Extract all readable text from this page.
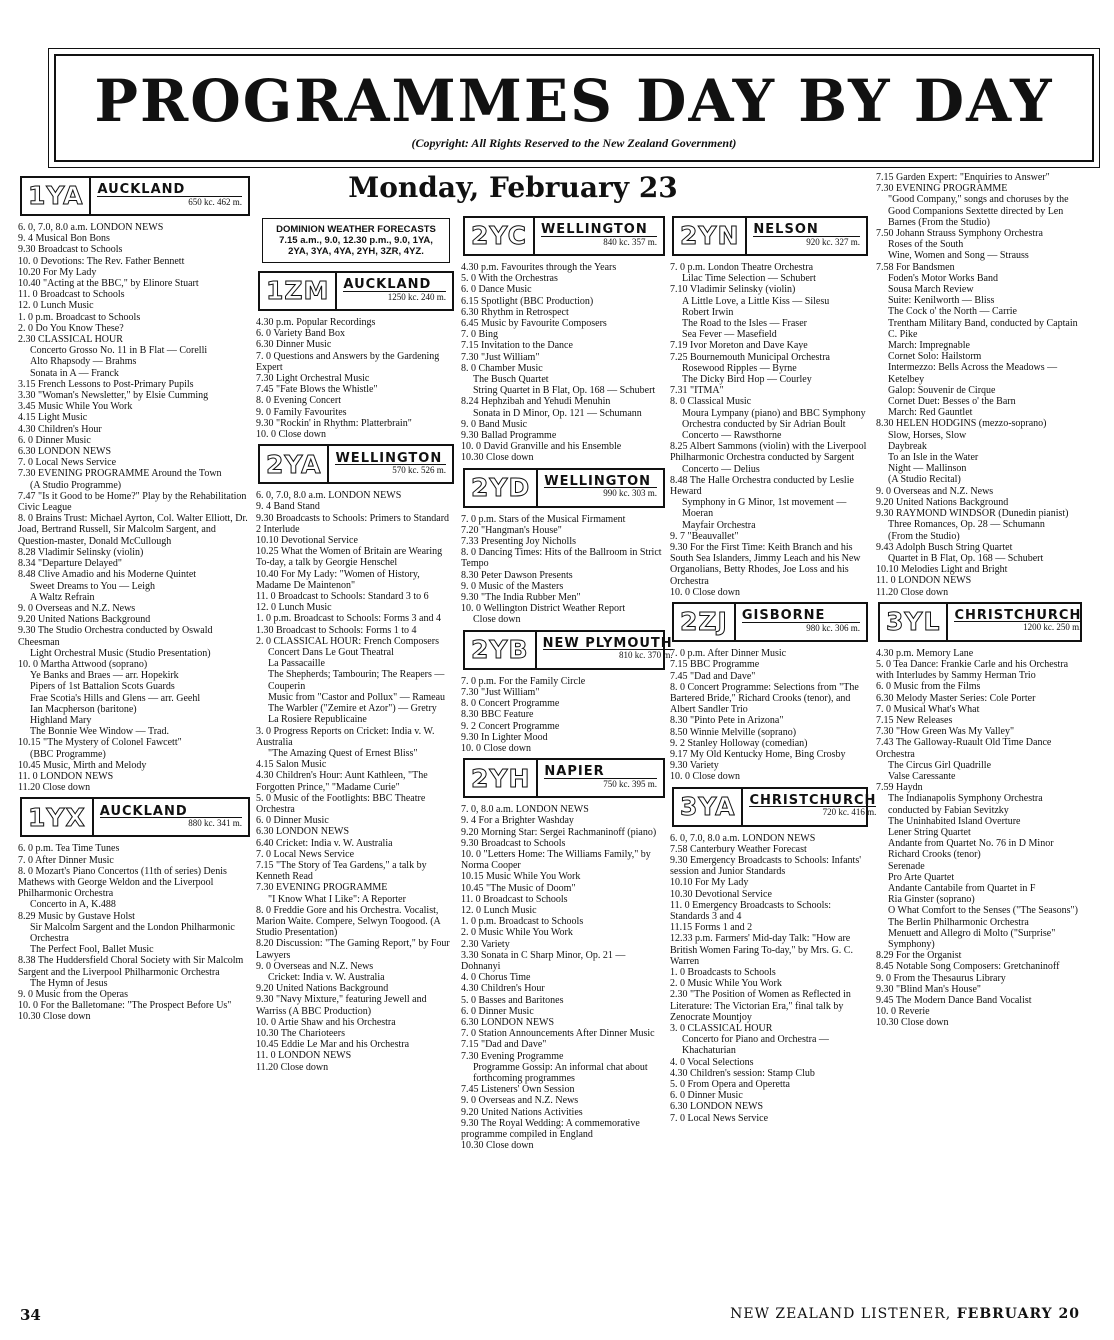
PROGRAMMES DAY BY DAY
(Copyright: All Rights Reserved to the New Zealand Government)
Monday, February 23
1YA	AUCKLAND
650 kc. 462 m.
6. 0, 7.0, 8.0 a.m. LONDON NEWS
9. 4 Musical Bon Bons
9.30 Broadcast to Schools
10. 0 Devotions: The Rev. Father Bennett
10.20 For My Lady
10.40 "Acting at the BBC," by Elinore Stuart
11. 0 Broadcast to Schools
12. 0 Lunch Music
1. 0 p.m. Broadcast to Schools
2. 0 Do You Know These?
2.30 CLASSICAL HOUR
Concerto Grosso No. 11 in B Flat — Corelli
Alto Rhapsody — Brahms
Sonata in A — Franck
3.15 French Lessons to Post-Primary Pupils
3.30 "Woman's Newsletter," by Elsie Cumming
3.45 Music While You Work
4.15 Light Music
4.30 Children's Hour
6. 0 Dinner Music
6.30 LONDON NEWS
7. 0 Local News Service
7.30 EVENING PROGRAMME Around the Town
(A Studio Programme)
7.47 "Is it Good to be Home?" Play by the Rehabilitation Civic League
8. 0 Brains Trust: Michael Ayrton, Col. Walter Elliott, Dr. Joad, Bertrand Russell, Sir Malcolm Sargent, and Question-master, Donald McCullough
8.28 Vladimir Selinsky (violin)
8.34 "Departure Delayed"
8.48 Clive Amadio and his Moderne Quintet
Sweet Dreams to You — Leigh
A Waltz Refrain
9. 0 Overseas and N.Z. News
9.20 United Nations Background
9.30 The Studio Orchestra conducted by Oswald Cheesman
Light Orchestral Music (Studio Presentation)
10. 0 Martha Attwood (soprano)
Ye Banks and Braes — arr. Hopekirk
Pipers of 1st Battalion Scots Guards
Frae Scotia's Hills and Glens — arr. Geehl
Ian Macpherson (baritone)
Highland Mary
The Bonnie Wee Window — Trad.
10.15 "The Mystery of Colonel Fawcett"
(BBC Programme)
10.45 Music, Mirth and Melody
11. 0 LONDON NEWS
11.20 Close down
1YX	AUCKLAND
880 kc. 341 m.
6. 0 p.m. Tea Time Tunes
7. 0 After Dinner Music
8. 0 Mozart's Piano Concertos (11th of series) Denis Mathews with George Weldon and the Liverpool Philharmonic Orchestra
Concerto in A, K.488
8.29 Music by Gustave Holst
Sir Malcolm Sargent and the London Philharmonic Orchestra
The Perfect Fool, Ballet Music
8.38 The Huddersfield Choral Society with Sir Malcolm Sargent and the Liverpool Philharmonic Orchestra
The Hymn of Jesus
9. 0 Music from the Operas
10. 0 For the Balletomane: "The Prospect Before Us"
10.30 Close down
DOMINION WEATHER FORECASTS
7.15 a.m., 9.0, 12.30 p.m., 9.0, 1YA, 2YA, 3YA, 4YA, 2YH, 3ZR, 4YZ.
1ZM	AUCKLAND
1250 kc. 240 m.
4.30 p.m. Popular Recordings
6. 0 Variety Band Box
6.30 Dinner Music
7. 0 Questions and Answers by the Gardening Expert
7.30 Light Orchestral Music
7.45 "Fate Blows the Whistle"
8. 0 Evening Concert
9. 0 Family Favourites
9.30 "Rockin' in Rhythm: Platterbrain"
10. 0 Close down
2YA	WELLINGTON
570 kc. 526 m.
6. 0, 7.0, 8.0 a.m. LONDON NEWS
9. 4 Band Stand
9.30 Broadcasts to Schools: Primers to Standard 2 Interlude
10.10 Devotional Service
10.25 What the Women of Britain are Wearing To-day, a talk by Georgie Henschel
10.40 For My Lady: "Women of History, Madame De Maintenon"
11. 0 Broadcast to Schools: Standard 3 to 6
12. 0 Lunch Music
1. 0 p.m. Broadcast to Schools: Forms 3 and 4
1.30 Broadcast to Schools: Forms 1 to 4
2. 0 CLASSICAL HOUR: French Composers
Concert Dans Le Gout Theatral
La Passacaille
The Shepherds; Tambourin; The Reapers — Couperin
Music from "Castor and Pollux" — Rameau
The Warbler ("Zemire et Azor") — Gretry
La Rosiere Republicaine
3. 0 Progress Reports on Cricket: India v. W. Australia
"The Amazing Quest of Ernest Bliss"
4.15 Salon Music
4.30 Children's Hour: Aunt Kathleen, "The Forgotten Prince," "Madame Curie"
5. 0 Music of the Footlights: BBC Theatre Orchestra
6. 0 Dinner Music
6.30 LONDON NEWS
6.40 Cricket: India v. W. Australia
7. 0 Local News Service
7.15 "The Story of Tea Gardens," a talk by Kenneth Read
7.30 EVENING PROGRAMME
"I Know What I Like": A Reporter
8. 0 Freddie Gore and his Orchestra. Vocalist, Marion Waite. Compere, Selwyn Toogood. (A Studio Presentation)
8.20 Discussion: "The Gaming Report," by Four Lawyers
9. 0 Overseas and N.Z. News
Cricket: India v. W. Australia
9.20 United Nations Background
9.30 "Navy Mixture," featuring Jewell and Warriss (A BBC Production)
10. 0 Artie Shaw and his Orchestra
10.30 The Charioteers
10.45 Eddie Le Mar and his Orchestra
11. 0 LONDON NEWS
11.20 Close down
2YC	WELLINGTON
840 kc. 357 m.
4.30 p.m. Favourites through the Years
5. 0 With the Orchestras
6. 0 Dance Music
6.15 Spotlight (BBC Production)
6.30 Rhythm in Retrospect
6.45 Music by Favourite Composers
7. 0 Bing
7.15 Invitation to the Dance
7.30 "Just William"
8. 0 Chamber Music
The Busch Quartet
String Quartet in B Flat, Op. 168 — Schubert
8.24 Hephzibah and Yehudi Menuhin
Sonata in D Minor, Op. 121 — Schumann
9. 0 Band Music
9.30 Ballad Programme
10. 0 David Granville and his Ensemble
10.30 Close down
2YD	WELLINGTON
990 kc. 303 m.
7. 0 p.m. Stars of the Musical Firmament
7.20 "Hangman's House"
7.33 Presenting Joy Nicholls
8. 0 Dancing Times: Hits of the Ballroom in Strict Tempo
8.30 Peter Dawson Presents
9. 0 Music of the Masters
9.30 "The India Rubber Men"
10. 0 Wellington District Weather Report
Close down
2YB	NEW PLYMOUTH
810 kc. 370 m.
7. 0 p.m. For the Family Circle
7.30 "Just William"
8. 0 Concert Programme
8.30 BBC Feature
9. 2 Concert Programme
9.30 In Lighter Mood
10. 0 Close down
2YH	NAPIER
750 kc. 395 m.
7. 0, 8.0 a.m. LONDON NEWS
9. 4 For a Brighter Washday
9.20 Morning Star: Sergei Rachmaninoff (piano)
9.30 Broadcast to Schools
10. 0 "Letters Home: The Williams Family," by Norma Cooper
10.15 Music While You Work
10.45 "The Music of Doom"
11. 0 Broadcast to Schools
12. 0 Lunch Music
1. 0 p.m. Broadcast to Schools
2. 0 Music While You Work
2.30 Variety
3.30 Sonata in C Sharp Minor, Op. 21 — Dohnanyi
4. 0 Chorus Time
4.30 Children's Hour
5. 0 Basses and Baritones
6. 0 Dinner Music
6.30 LONDON NEWS
7. 0 Station Announcements After Dinner Music
7.15 "Dad and Dave"
7.30 Evening Programme
Programme Gossip: An informal chat about forthcoming programmes
7.45 Listeners' Own Session
9. 0 Overseas and N.Z. News
9.20 United Nations Activities
9.30 The Royal Wedding: A commemorative programme compiled in England
10.30 Close down
2YN	NELSON
920 kc. 327 m.
7. 0 p.m. London Theatre Orchestra
Lilac Time Selection — Schubert
7.10 Vladimir Selinsky (violin)
A Little Love, a Little Kiss — Silesu
Robert Irwin
The Road to the Isles — Fraser
Sea Fever — Masefield
7.19 Ivor Moreton and Dave Kaye
7.25 Bournemouth Municipal Orchestra
Rosewood Ripples — Byrne
The Dicky Bird Hop — Courley
7.31 "ITMA"
8. 0 Classical Music
Moura Lympany (piano) and BBC Symphony Orchestra conducted by Sir Adrian Boult
Concerto — Rawsthorne
8.25 Albert Sammons (violin) with the Liverpool Philharmonic Orchestra conducted by Sargent
Concerto — Delius
8.48 The Halle Orchestra conducted by Leslie Heward
Symphony in G Minor, 1st movement — Moeran
Mayfair Orchestra
9. 7 "Beauvallet"
9.30 For the First Time: Keith Branch and his South Sea Islanders, Jimmy Leach and his New Organolians, Betty Rhodes, Joe Loss and his Orchestra
10. 0 Close down
2ZJ	GISBORNE
980 kc. 306 m.
7. 0 p.m. After Dinner Music
7.15 BBC Programme
7.45 "Dad and Dave"
8. 0 Concert Programme: Selections from "The Bartered Bride," Richard Crooks (tenor), and Albert Sandler Trio
8.30 "Pinto Pete in Arizona"
8.50 Winnie Melville (soprano)
9. 2 Stanley Holloway (comedian)
9.17 My Old Kentucky Home, Bing Crosby
9.30 Variety
10. 0 Close down
3YA	CHRISTCHURCH
720 kc. 416 m.
6. 0, 7.0, 8.0 a.m. LONDON NEWS
7.58 Canterbury Weather Forecast
9.30 Emergency Broadcasts to Schools: Infants' session and Junior Standards
10.10 For My Lady
10.30 Devotional Service
11. 0 Emergency Broadcasts to Schools: Standards 3 and 4
11.15 Forms 1 and 2
12.33 p.m. Farmers' Mid-day Talk: "How are British Women Faring To-day," by Mrs. G. C. Warren
1. 0 Broadcasts to Schools
2. 0 Music While You Work
2.30 "The Position of Women as Reflected in Literature: The Victorian Era," final talk by Zenocrate Mountjoy
3. 0 CLASSICAL HOUR
Concerto for Piano and Orchestra — Khachaturian
4. 0 Vocal Selections
4.30 Children's session: Stamp Club
5. 0 From Opera and Operetta
6. 0 Dinner Music
6.30 LONDON NEWS
7. 0 Local News Service
7.15 Garden Expert: "Enquiries to Answer"
7.30 EVENING PROGRAMME
"Good Company," songs and choruses by the Good Companions Sextette directed by Len Barnes (From the Studio)
7.50 Johann Strauss Symphony Orchestra
Roses of the South
Wine, Women and Song — Strauss
7.58 For Bandsmen
Foden's Motor Works Band
Sousa March Review
Suite: Kenilworth — Bliss
The Cock o' the North — Carrie
Trentham Military Band, conducted by Captain C. Pike
March: Impregnable
Cornet Solo: Hailstorm
Intermezzo: Bells Across the Meadows — Ketelbey
Galop: Souvenir de Cirque
Cornet Duet: Besses o' the Barn
March: Red Gauntlet
8.30 HELEN HODGINS (mezzo-soprano)
Slow, Horses, Slow
Daybreak
To an Isle in the Water
Night — Mallinson
(A Studio Recital)
9. 0 Overseas and N.Z. News
9.20 United Nations Background
9.30 RAYMOND WINDSOR (Dunedin pianist)
Three Romances, Op. 28 — Schumann
(From the Studio)
9.43 Adolph Busch String Quartet
Quartet in B Flat, Op. 168 — Schubert
10.10 Melodies Light and Bright
11. 0 LONDON NEWS
11.20 Close down
3YL	CHRISTCHURCH
1200 kc. 250 m.
4.30 p.m. Memory Lane
5. 0 Tea Dance: Frankie Carle and his Orchestra with Interludes by Sammy Herman Trio
6. 0 Music from the Films
6.30 Melody Master Series: Cole Porter
7. 0 Musical What's What
7.15 New Releases
7.30 "How Green Was My Valley"
7.43 The Galloway-Ruault Old Time Dance Orchestra
The Circus Girl Quadrille
Valse Caressante
7.59 Haydn
The Indianapolis Symphony Orchestra conducted by Fabian Sevitzky
The Uninhabited Island Overture
Lener String Quartet
Andante from Quartet No. 76 in D Minor
Richard Crooks (tenor)
Serenade
Pro Arte Quartet
Andante Cantabile from Quartet in F
Ria Ginster (soprano)
O What Comfort to the Senses ("The Seasons")
The Berlin Philharmonic Orchestra
Menuett and Allegro di Molto ("Surprise" Symphony)
8.29 For the Organist
8.45 Notable Song Composers: Gretchaninoff
9. 0 From the Thesaurus Library
9.30 "Blind Man's House"
9.45 The Modern Dance Band Vocalist
10. 0 Reverie
10.30 Close down
34	NEW ZEALAND LISTENER, FEBRUARY 20
